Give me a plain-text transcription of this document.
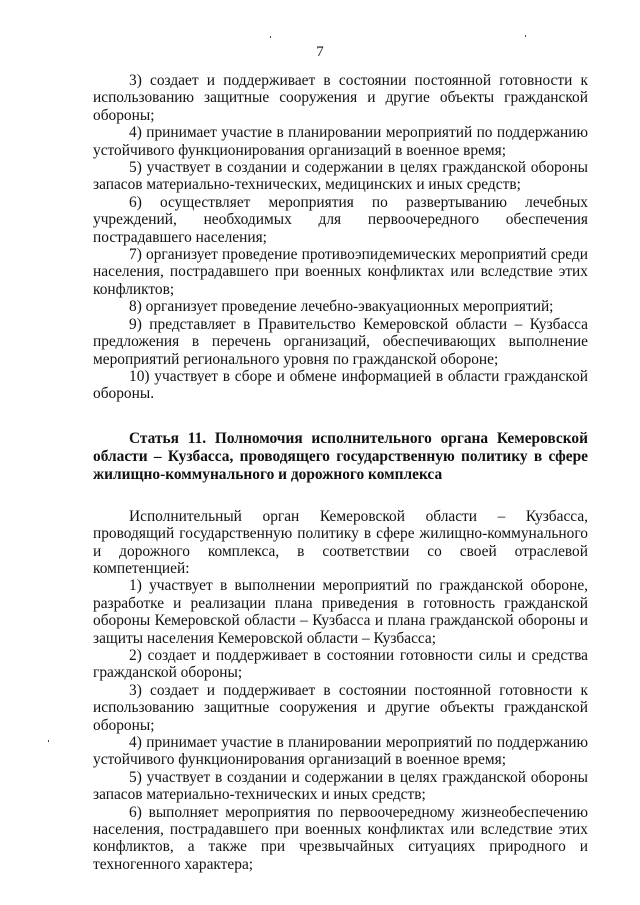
7

3) создает и поддерживает в состоянии постоянной готовности к использованию защитные сооружения и другие объекты гражданской обороны;

4) принимает участие в планировании мероприятий по поддержанию устойчивого функционирования организаций в военное время;

5) участвует в создании и содержании в целях гражданской обороны запасов материально-технических, медицинских и иных средств;

6) осуществляет мероприятия по развертыванию лечебных учреждений, необходимых для первоочередного обеспечения пострадавшего населения;

7) организует проведение противоэпидемических мероприятий среди населения, пострадавшего при военных конфликтах или вследствие этих конфликтов;

8) организует проведение лечебно-эвакуационных мероприятий;

9) представляет в Правительство Кемеровской области – Кузбасса предложения в перечень организаций, обеспечивающих выполнение мероприятий регионального уровня по гражданской обороне;

10) участвует в сборе и обмене информацией в области гражданской обороны.

Статья 11. Полномочия исполнительного органа Кемеровской области – Кузбасса, проводящего государственную политику в сфере жилищно-коммунального и дорожного комплекса

Исполнительный орган Кемеровской области – Кузбасса, проводящий государственную политику в сфере жилищно-коммунального и дорожного комплекса, в соответствии со своей отраслевой компетенцией:

1) участвует в выполнении мероприятий по гражданской обороне, разработке и реализации плана приведения в готовность гражданской обороны Кемеровской области – Кузбасса и плана гражданской обороны и защиты населения Кемеровской области – Кузбасса;

2) создает и поддерживает в состоянии готовности силы и средства гражданской обороны;

3) создает и поддерживает в состоянии постоянной готовности к использованию защитные сооружения и другие объекты гражданской обороны;

4) принимает участие в планировании мероприятий по поддержанию устойчивого функционирования организаций в военное время;

5) участвует в создании и содержании в целях гражданской обороны запасов материально-технических и иных средств;

6) выполняет мероприятия по первоочередному жизнеобеспечению населения, пострадавшего при военных конфликтах или вследствие этих конфликтов, а также при чрезвычайных ситуациях природного и техногенного характера;
